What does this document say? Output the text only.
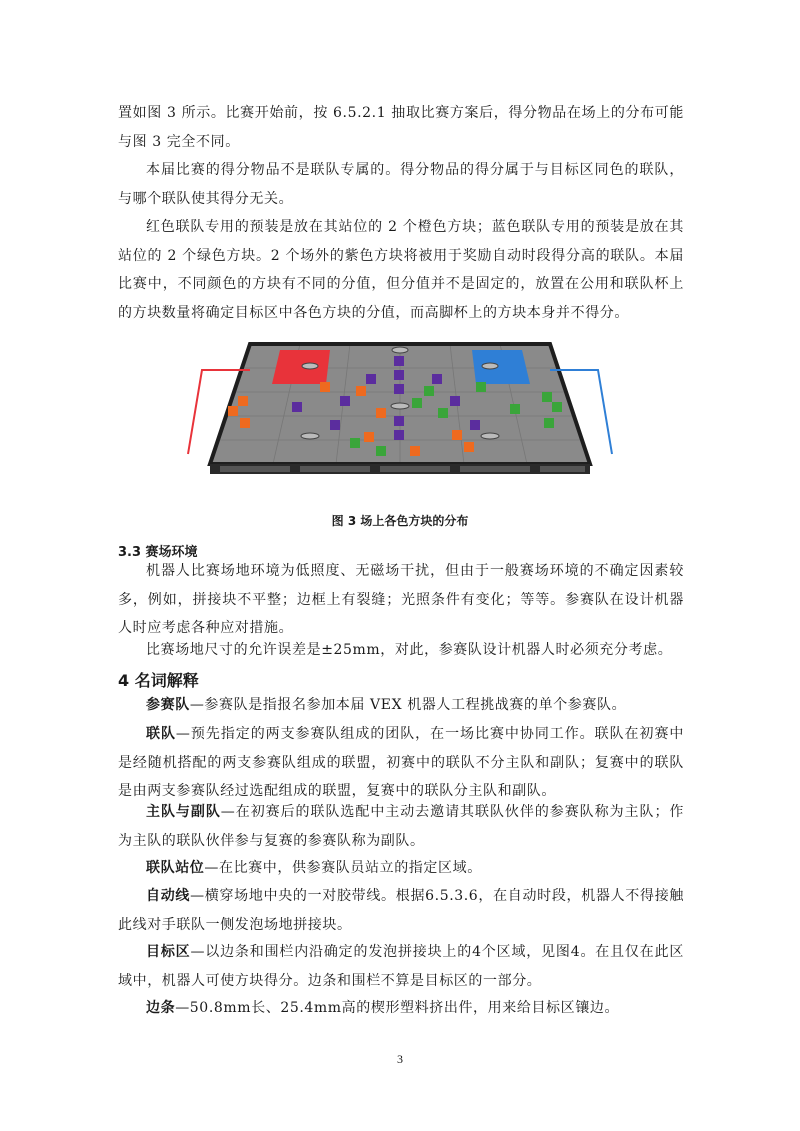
置如图 3 所示。比赛开始前，按 6.5.2.1 抽取比赛方案后，得分物品在场上的分布可能与图 3 完全不同。

本届比赛的得分物品不是联队专属的。得分物品的得分属于与目标区同色的联队，与哪个联队使其得分无关。

红色联队专用的预装是放在其站位的 2 个橙色方块；蓝色联队专用的预装是放在其站位的 2 个绿色方块。2 个场外的紫色方块将被用于奖励自动时段得分高的联队。本届比赛中，不同颜色的方块有不同的分值，但分值并不是固定的，放置在公用和联队杯上的方块数量将确定目标区中各色方块的分值，而高脚杯上的方块本身并不得分。

图 3 场上各色方块的分布

3.3 赛场环境

机器人比赛场地环境为低照度、无磁场干扰，但由于一般赛场环境的不确定因素较多，例如，拼接块不平整；边框上有裂缝；光照条件有变化；等等。参赛队在设计机器人时应考虑各种应对措施。

比赛场地尺寸的允许误差是±25mm，对此，参赛队设计机器人时必须充分考虑。

4 名词解释

参赛队—参赛队是指报名参加本届 VEX 机器人工程挑战赛的单个参赛队。

联队—预先指定的两支参赛队组成的团队，在一场比赛中协同工作。联队在初赛中是经随机搭配的两支参赛队组成的联盟，初赛中的联队不分主队和副队；复赛中的联队是由两支参赛队经过选配组成的联盟，复赛中的联队分主队和副队。

主队与副队—在初赛后的联队选配中主动去邀请其联队伙伴的参赛队称为主队；作为主队的联队伙伴参与复赛的参赛队称为副队。

联队站位—在比赛中，供参赛队员站立的指定区域。

自动线—横穿场地中央的一对胶带线。根据6.5.3.6，在自动时段，机器人不得接触此线对手联队一侧发泡场地拼接块。

目标区—以边条和围栏内沿确定的发泡拼接块上的4个区域，见图4。在且仅在此区域中，机器人可使方块得分。边条和围栏不算是目标区的一部分。

边条—50.8mm长、25.4mm高的楔形塑料挤出件，用来给目标区镶边。

3
